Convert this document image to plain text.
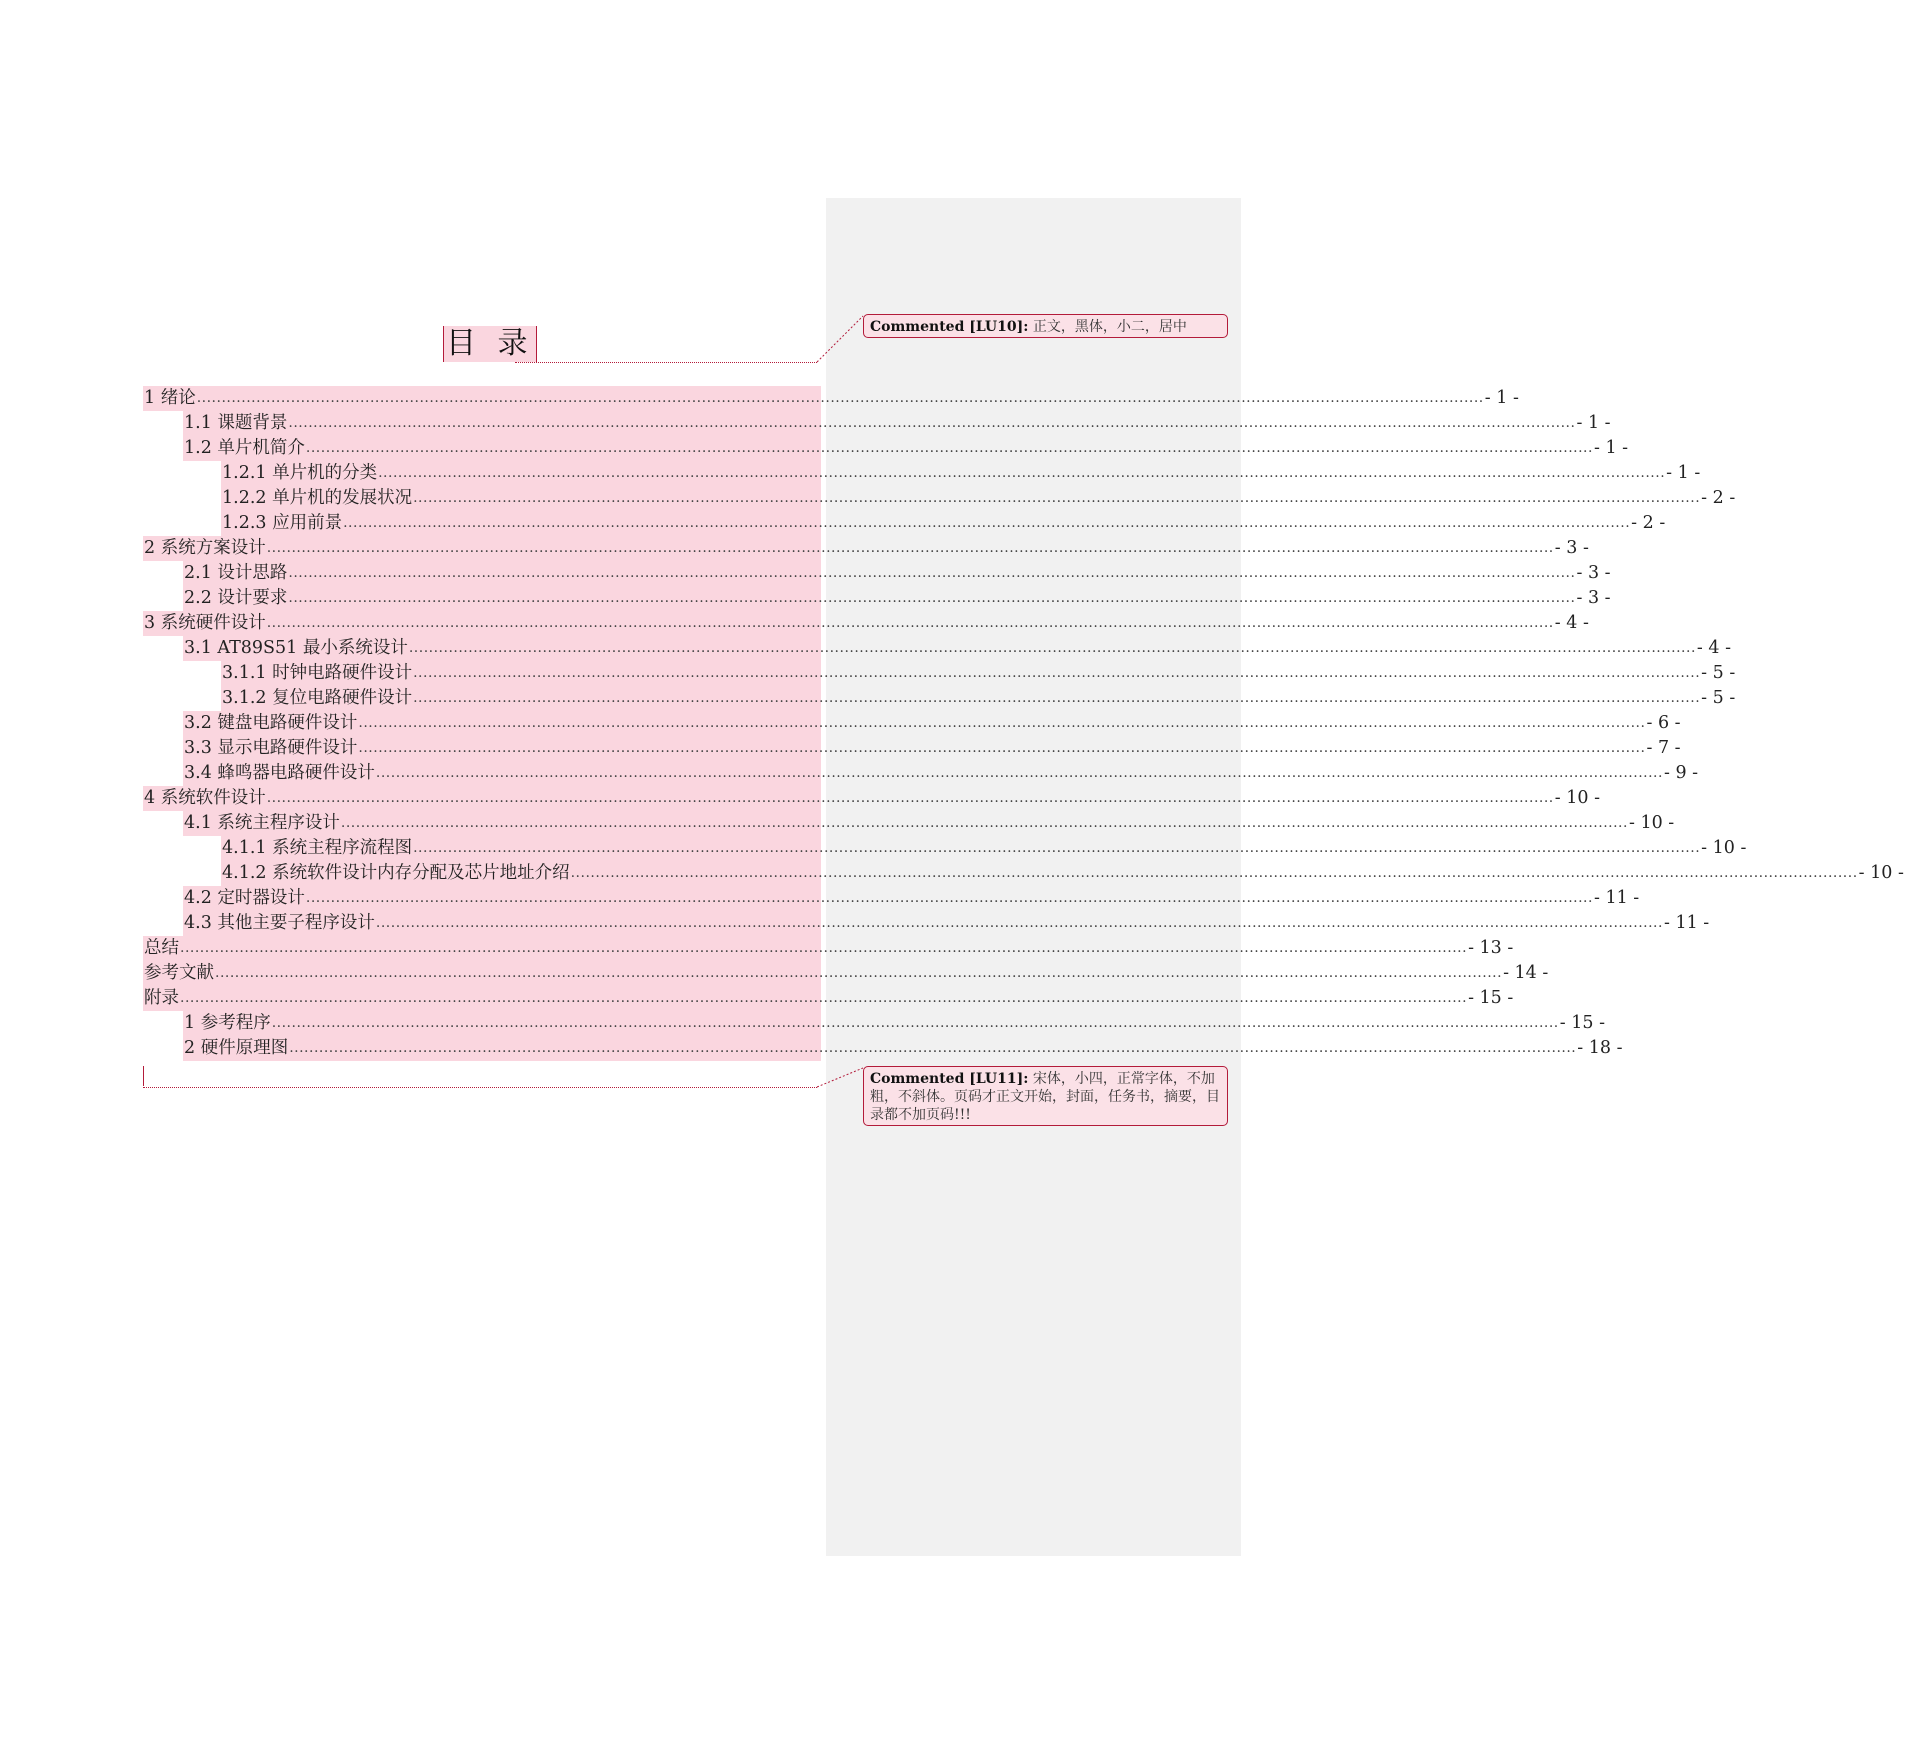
目 录
1 绪论 .................................................................................................................................................................................................................................................................... - 1 -
1.1 课题背景 .................................................................................................................................................................................................................................................................... - 1 -
1.2 单片机简介 .................................................................................................................................................................................................................................................................... - 1 -
1.2.1 单片机的分类 .................................................................................................................................................................................................................................................................... - 1 -
1.2.2 单片机的发展状况 .................................................................................................................................................................................................................................................................... - 2 -
1.2.3 应用前景 .................................................................................................................................................................................................................................................................... - 2 -
2 系统方案设计 .................................................................................................................................................................................................................................................................... - 3 -
2.1 设计思路 .................................................................................................................................................................................................................................................................... - 3 -
2.2 设计要求 .................................................................................................................................................................................................................................................................... - 3 -
3 系统硬件设计 .................................................................................................................................................................................................................................................................... - 4 -
3.1 AT89S51 最小系统设计 .................................................................................................................................................................................................................................................................... - 4 -
3.1.1 时钟电路硬件设计 .................................................................................................................................................................................................................................................................... - 5 -
3.1.2 复位电路硬件设计 .................................................................................................................................................................................................................................................................... - 5 -
3.2 键盘电路硬件设计 .................................................................................................................................................................................................................................................................... - 6 -
3.3 显示电路硬件设计 .................................................................................................................................................................................................................................................................... - 7 -
3.4 蜂鸣器电路硬件设计 .................................................................................................................................................................................................................................................................... - 9 -
4 系统软件设计 .................................................................................................................................................................................................................................................................... - 10 -
4.1 系统主程序设计 .................................................................................................................................................................................................................................................................... - 10 -
4.1.1 系统主程序流程图 .................................................................................................................................................................................................................................................................... - 10 -
4.1.2 系统软件设计内存分配及芯片地址介绍 .................................................................................................................................................................................................................................................................... - 10 -
4.2 定时器设计 .................................................................................................................................................................................................................................................................... - 11 -
4.3 其他主要子程序设计 .................................................................................................................................................................................................................................................................... - 11 -
总结 .................................................................................................................................................................................................................................................................... - 13 -
参考文献 .................................................................................................................................................................................................................................................................... - 14 -
附录 .................................................................................................................................................................................................................................................................... - 15 -
1 参考程序 .................................................................................................................................................................................................................................................................... - 15 -
2 硬件原理图 .................................................................................................................................................................................................................................................................... - 18 -
Commented [LU10]: 正文，黑体，小二，居中
Commented [LU11]: 宋体，小四，正常字体，不加粗，不斜体。页码才正文开始，封面，任务书，摘要，目录都不加页码!!!
